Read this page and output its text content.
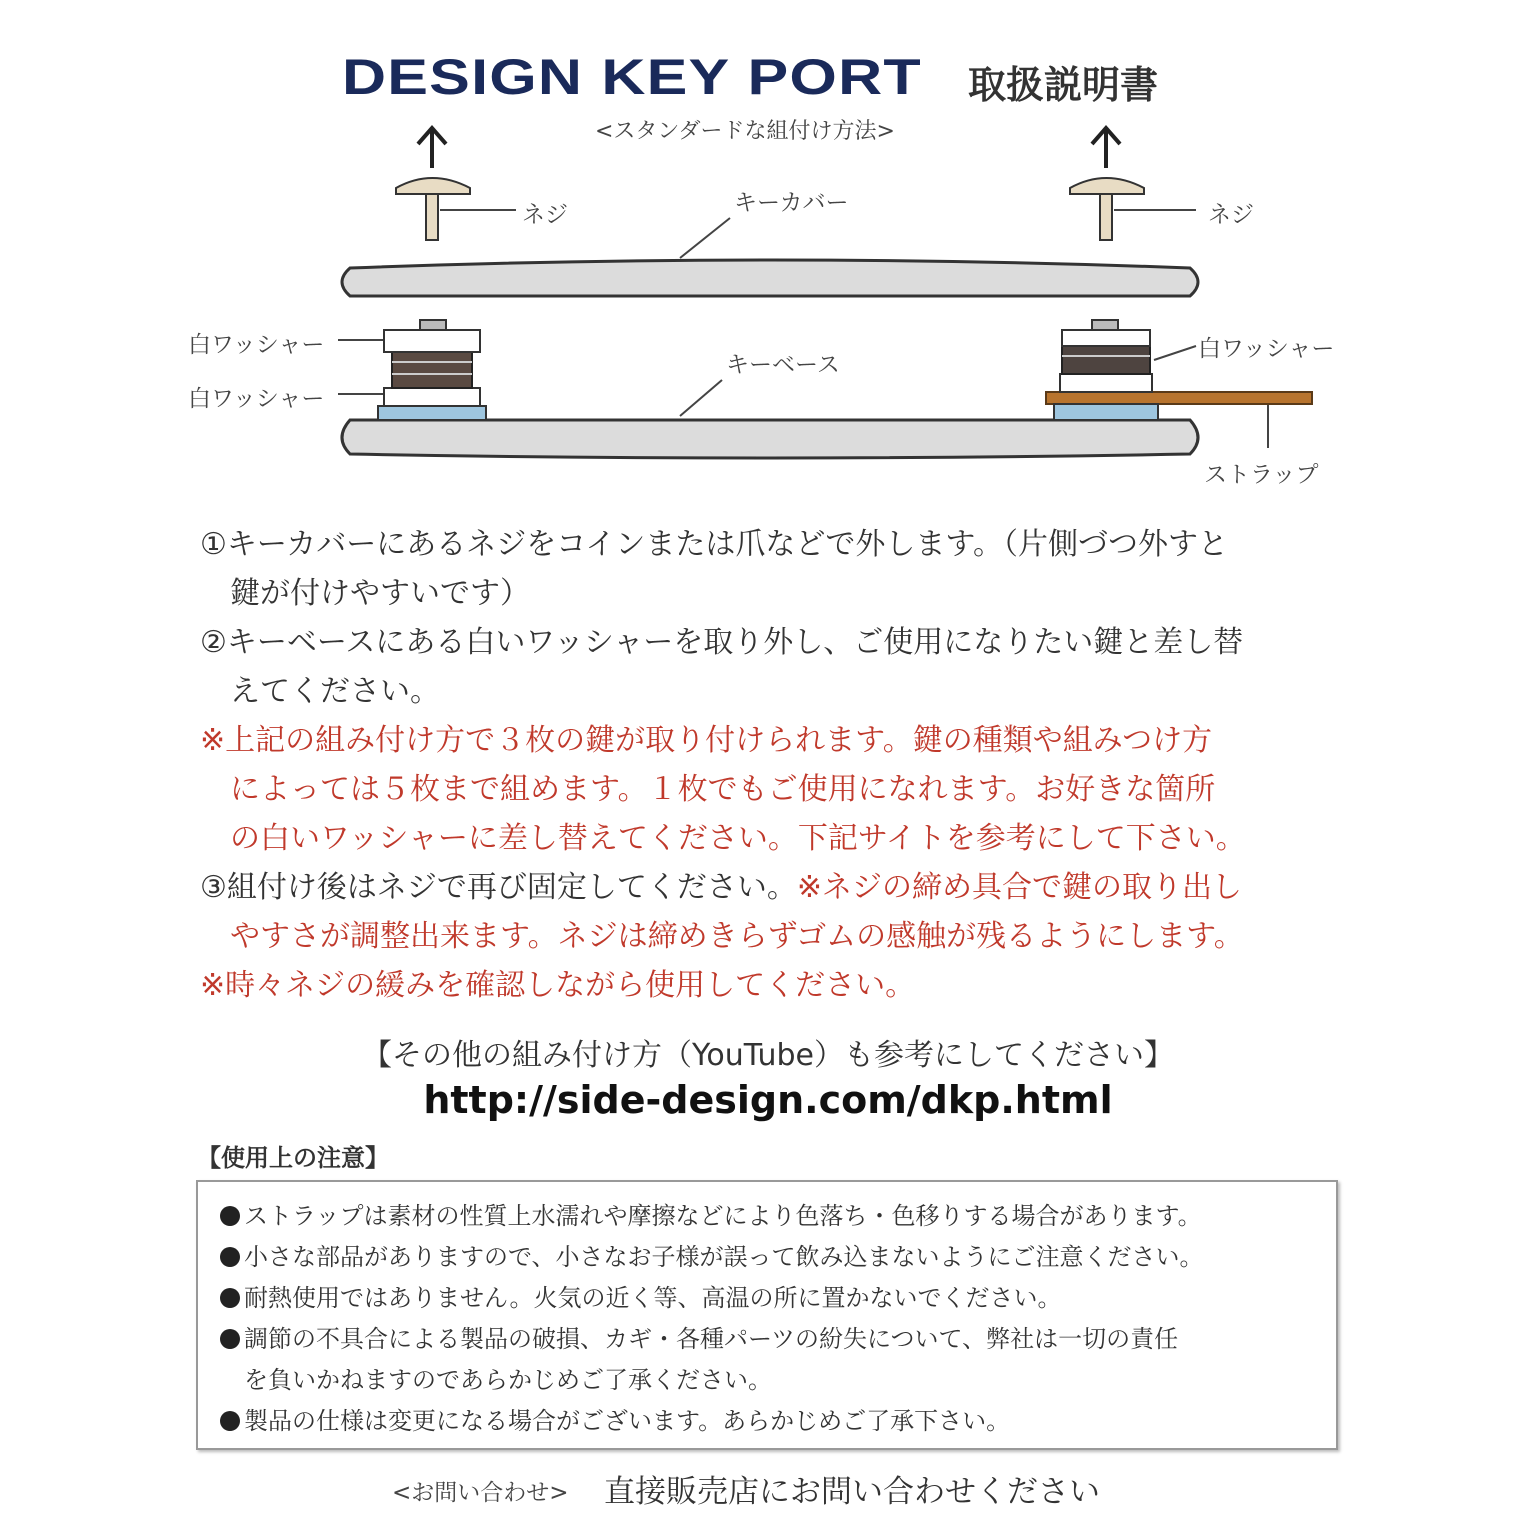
DESIGN KEY PORT 取扱説明書
<スタンダードな組付け方法>
ネジ	ネジ
キーカバー
キーベース
白ワッシャー
白ワッシャー
白ワッシャー
ストラップ
①キーカバーにあるネジをコインまたは爪などで外します。（片側づつ外すと
鍵が付けやすいです）
②キーベースにある白いワッシャーを取り外し、ご使用になりたい鍵と差し替
えてください。
※上記の組み付け方で３枚の鍵が取り付けられます。鍵の種類や組みつけ方
によっては５枚まで組めます。１枚でもご使用になれます。お好きな箇所
の白いワッシャーに差し替えてください。下記サイトを参考にして下さい。
③組付け後はネジで再び固定してください。※ネジの締め具合で鍵の取り出し
やすさが調整出来ます。ネジは締めきらずゴムの感触が残るようにします。
※時々ネジの緩みを確認しながら使用してください。
【その他の組み付け方（YouTube）も参考にしてください】
http://side-design.com/dkp.html
【使用上の注意】
ストラップは素材の性質上水濡れや摩擦などにより色落ち・色移りする場合があります。
小さな部品がありますので、小さなお子様が誤って飲み込まないようにご注意ください。
耐熱使用ではありません。火気の近く等、高温の所に置かないでください。
調節の不具合による製品の破損、カギ・各種パーツの紛失について、弊社は一切の責任
を負いかねますのであらかじめご了承ください。
製品の仕様は変更になる場合がございます。あらかじめご了承下さい。
<お問い合わせ> 直接販売店にお問い合わせください
